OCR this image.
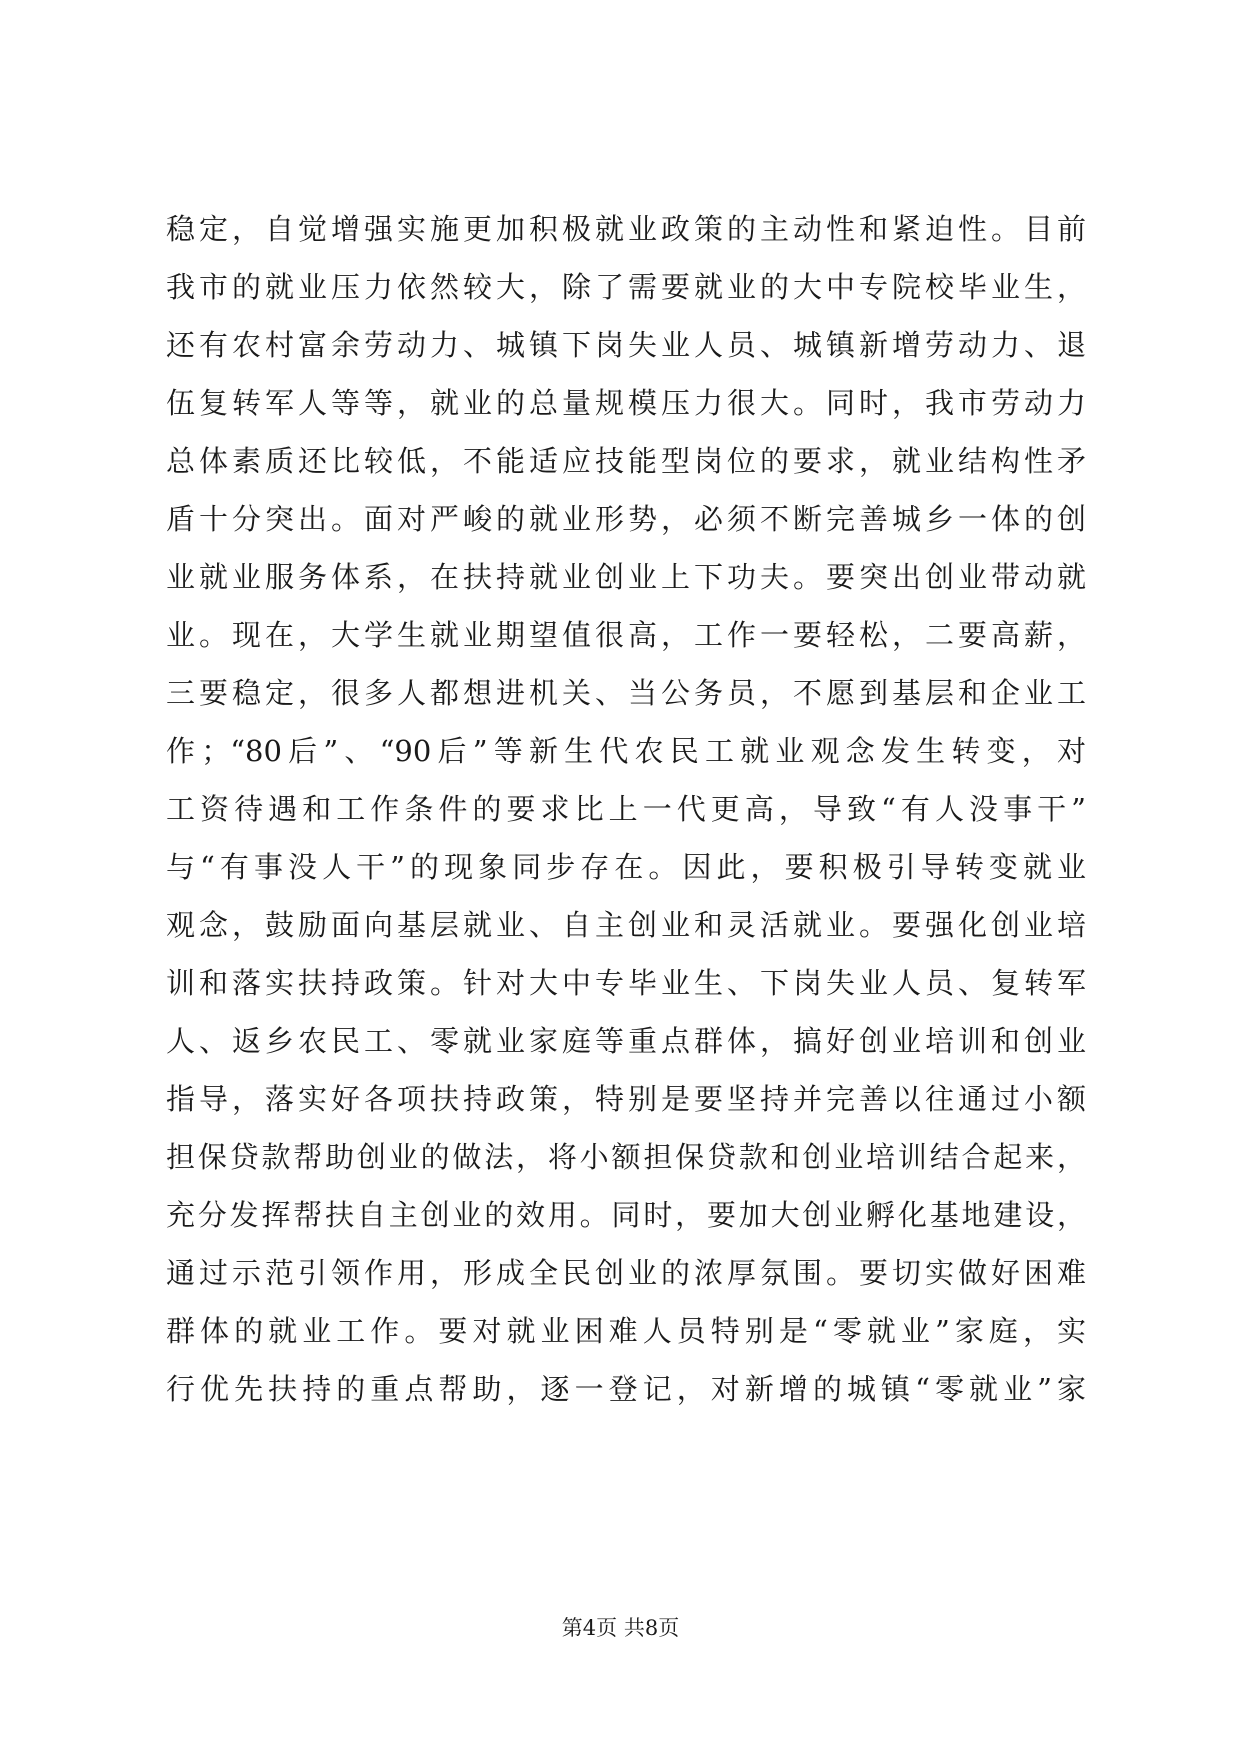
稳定，自觉增强实施更加积极就业政策的主动性和紧迫性。目前
我市的就业压力依然较大，除了需要就业的大中专院校毕业生，
还有农村富余劳动力、城镇下岗失业人员、城镇新增劳动力、退
伍复转军人等等，就业的总量规模压力很大。同时，我市劳动力
总体素质还比较低，不能适应技能型岗位的要求，就业结构性矛
盾十分突出。面对严峻的就业形势，必须不断完善城乡一体的创
业就业服务体系，在扶持就业创业上下功夫。要突出创业带动就
业。现在，大学生就业期望值很高，工作一要轻松，二要高薪，
三要稳定，很多人都想进机关、当公务员，不愿到基层和企业工
作；“80后”、“90后”等新生代农民工就业观念发生转变，对
工资待遇和工作条件的要求比上一代更高，导致“有人没事干”
与“有事没人干”的现象同步存在。因此，要积极引导转变就业
观念，鼓励面向基层就业、自主创业和灵活就业。要强化创业培
训和落实扶持政策。针对大中专毕业生、下岗失业人员、复转军
人、返乡农民工、零就业家庭等重点群体，搞好创业培训和创业
指导，落实好各项扶持政策，特别是要坚持并完善以往通过小额
担保贷款帮助创业的做法，将小额担保贷款和创业培训结合起来，
充分发挥帮扶自主创业的效用。同时，要加大创业孵化基地建设，
通过示范引领作用，形成全民创业的浓厚氛围。要切实做好困难
群体的就业工作。要对就业困难人员特别是“零就业”家庭，实
行优先扶持的重点帮助，逐一登记，对新增的城镇“零就业”家
第4页 共8页
